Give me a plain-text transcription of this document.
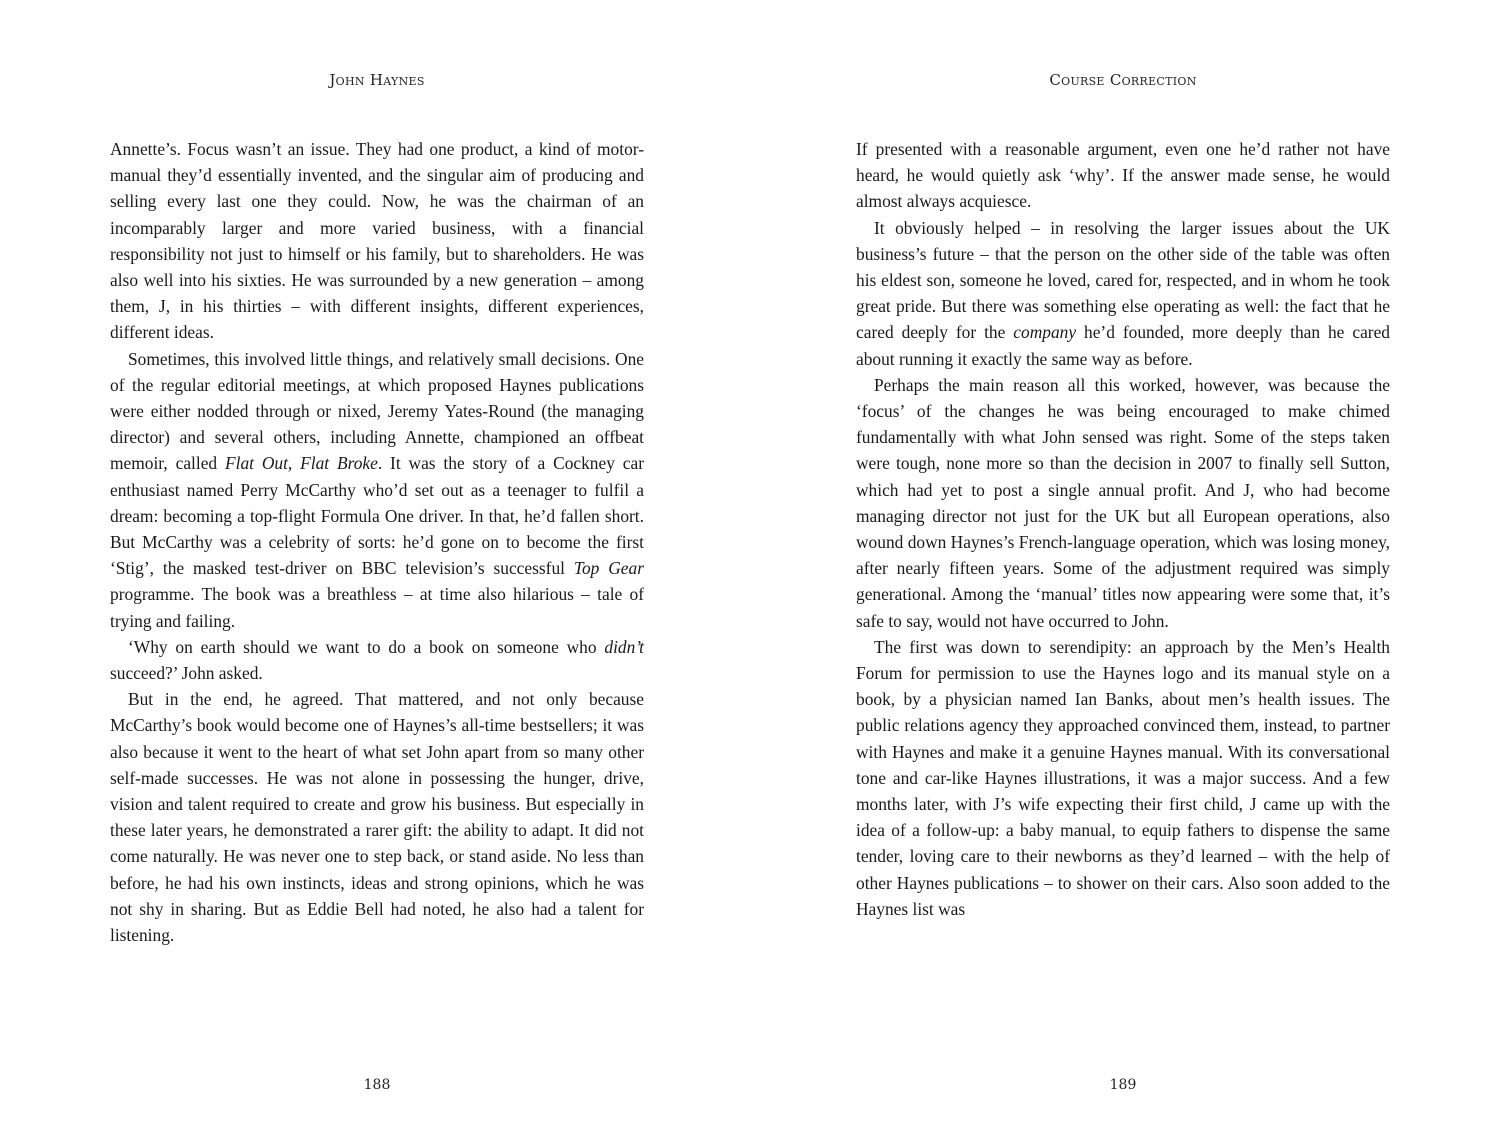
John Haynes

Annette’s. Focus wasn’t an issue. They had one product, a kind of motor-manual they’d essentially invented, and the singular aim of producing and selling every last one they could. Now, he was the chairman of an incomparably larger and more varied business, with a financial responsibility not just to himself or his family, but to shareholders. He was also well into his sixties. He was surrounded by a new generation – among them, J, in his thirties – with different insights, different experiences, different ideas.

Sometimes, this involved little things, and relatively small decisions. One of the regular editorial meetings, at which proposed Haynes publications were either nodded through or nixed, Jeremy Yates-Round (the managing director) and several others, including Annette, championed an offbeat memoir, called Flat Out, Flat Broke. It was the story of a Cockney car enthusiast named Perry McCarthy who’d set out as a teenager to fulfil a dream: becoming a top-flight Formula One driver. In that, he’d fallen short. But McCarthy was a celebrity of sorts: he’d gone on to become the first ‘Stig’, the masked test-driver on BBC television’s successful Top Gear programme. The book was a breathless – at time also hilarious – tale of trying and failing.

‘Why on earth should we want to do a book on someone who didn’t succeed?’ John asked.

But in the end, he agreed. That mattered, and not only because McCarthy’s book would become one of Haynes’s all-time bestsellers; it was also because it went to the heart of what set John apart from so many other self-made successes. He was not alone in possessing the hunger, drive, vision and talent required to create and grow his business. But especially in these later years, he demonstrated a rarer gift: the ability to adapt. It did not come naturally. He was never one to step back, or stand aside. No less than before, he had his own instincts, ideas and strong opinions, which he was not shy in sharing. But as Eddie Bell had noted, he also had a talent for listening.

188
Course Correction

If presented with a reasonable argument, even one he’d rather not have heard, he would quietly ask ‘why’. If the answer made sense, he would almost always acquiesce.

It obviously helped – in resolving the larger issues about the UK business’s future – that the person on the other side of the table was often his eldest son, someone he loved, cared for, respected, and in whom he took great pride. But there was something else operating as well: the fact that he cared deeply for the company he’d founded, more deeply than he cared about running it exactly the same way as before.

Perhaps the main reason all this worked, however, was because the ‘focus’ of the changes he was being encouraged to make chimed fundamentally with what John sensed was right. Some of the steps taken were tough, none more so than the decision in 2007 to finally sell Sutton, which had yet to post a single annual profit. And J, who had become managing director not just for the UK but all European operations, also wound down Haynes’s French-language operation, which was losing money, after nearly fifteen years. Some of the adjustment required was simply generational. Among the ‘manual’ titles now appearing were some that, it’s safe to say, would not have occurred to John.

The first was down to serendipity: an approach by the Men’s Health Forum for permission to use the Haynes logo and its manual style on a book, by a physician named Ian Banks, about men’s health issues. The public relations agency they approached convinced them, instead, to partner with Haynes and make it a genuine Haynes manual. With its conversational tone and car-like Haynes illustrations, it was a major success. And a few months later, with J’s wife expecting their first child, J came up with the idea of a follow-up: a baby manual, to equip fathers to dispense the same tender, loving care to their newborns as they’d learned – with the help of other Haynes publications – to shower on their cars. Also soon added to the Haynes list was

189
